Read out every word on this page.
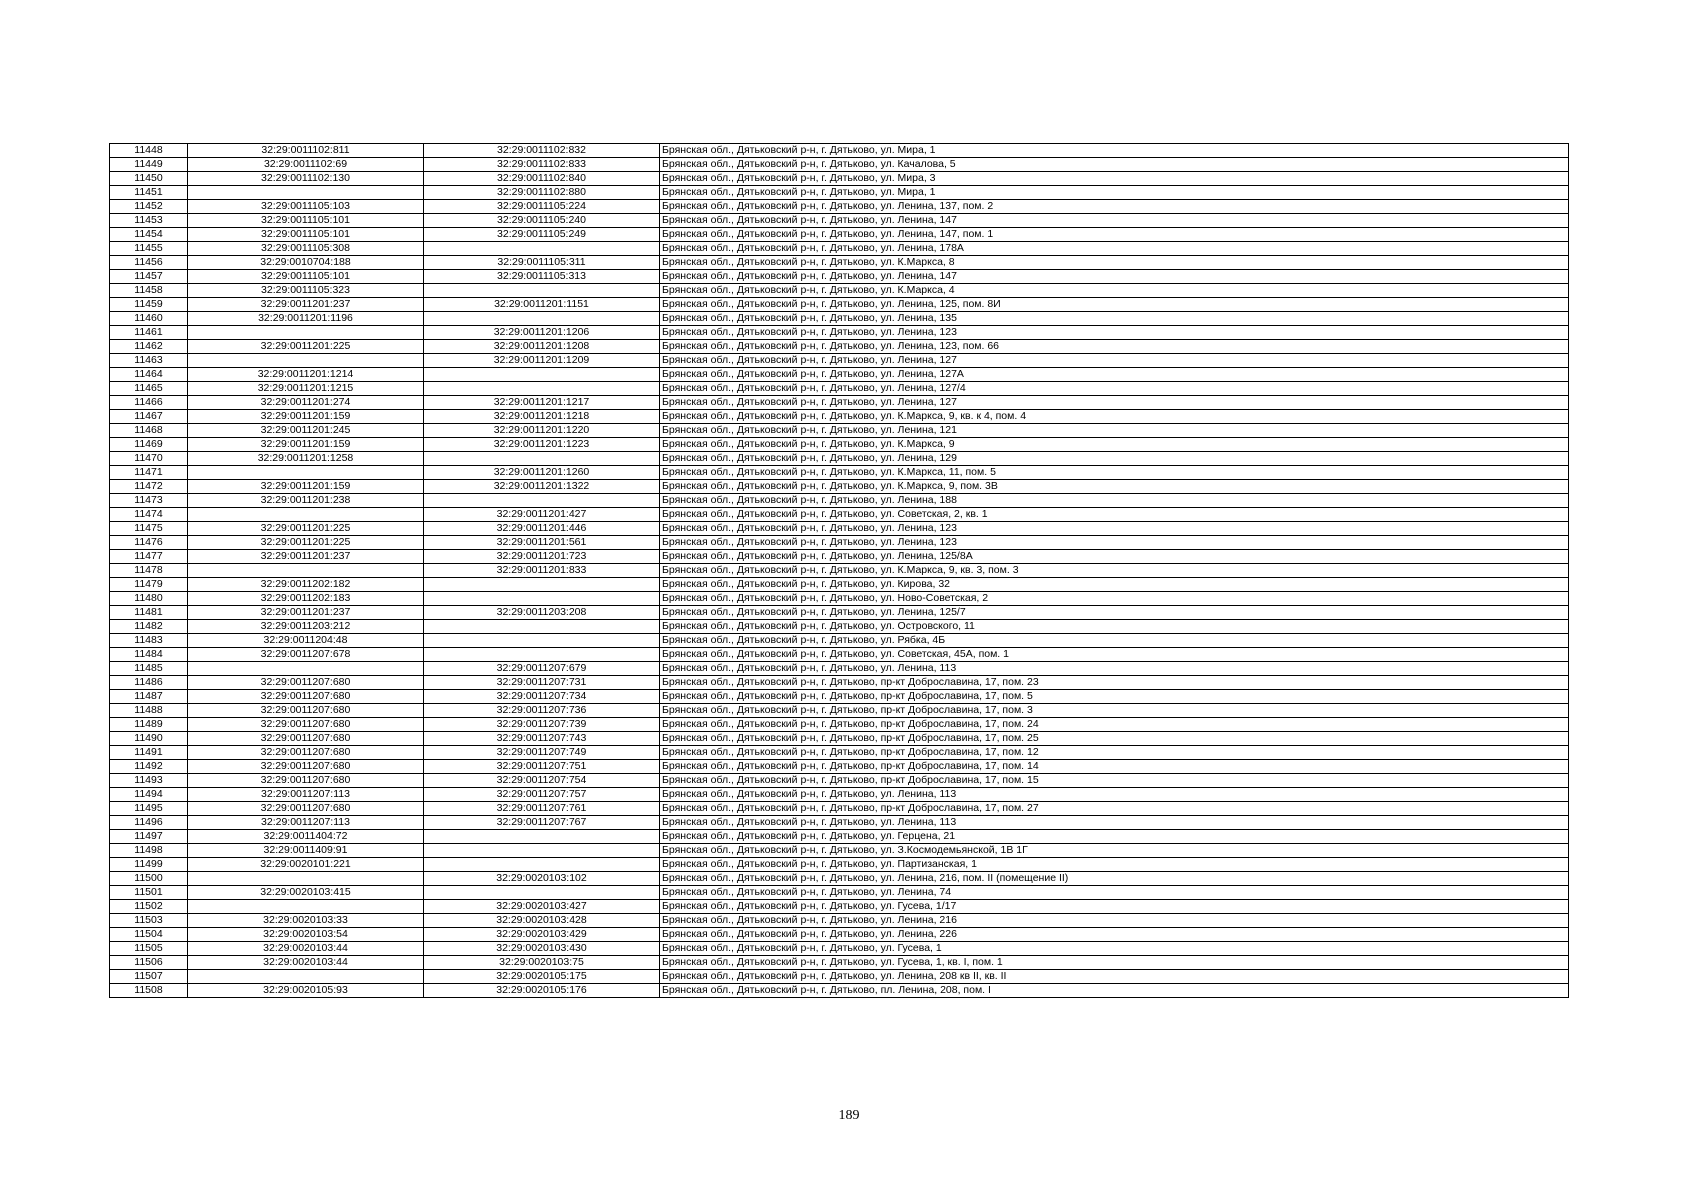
11448	32:29:0011102:811	32:29:0011102:832	Брянская обл., Дятьковский р-н, г. Дятьково, ул. Мира, 1
11449	32:29:0011102:69	32:29:0011102:833	Брянская обл., Дятьковский р-н, г. Дятьково, ул. Качалова, 5
11450	32:29:0011102:130	32:29:0011102:840	Брянская обл., Дятьковский р-н, г. Дятьково, ул. Мира, 3
11451		32:29:0011102:880	Брянская обл., Дятьковский р-н, г. Дятьково, ул. Мира, 1
11452	32:29:0011105:103	32:29:0011105:224	Брянская обл., Дятьковский р-н, г. Дятьково, ул. Ленина, 137, пом. 2
11453	32:29:0011105:101	32:29:0011105:240	Брянская обл., Дятьковский р-н, г. Дятьково, ул. Ленина, 147
11454	32:29:0011105:101	32:29:0011105:249	Брянская обл., Дятьковский р-н, г. Дятьково, ул. Ленина, 147, пом. 1
11455	32:29:0011105:308		Брянская обл., Дятьковский р-н, г. Дятьково, ул. Ленина, 178А
11456	32:29:0010704:188	32:29:0011105:311	Брянская обл., Дятьковский р-н, г. Дятьково, ул. К.Маркса, 8
11457	32:29:0011105:101	32:29:0011105:313	Брянская обл., Дятьковский р-н, г. Дятьково, ул. Ленина, 147
11458	32:29:0011105:323		Брянская обл., Дятьковский р-н, г. Дятьково, ул. К.Маркса, 4
11459	32:29:0011201:237	32:29:0011201:1151	Брянская обл., Дятьковский р-н, г. Дятьково, ул. Ленина, 125, пом. 8И
11460	32:29:0011201:1196		Брянская обл., Дятьковский р-н, г. Дятьково, ул. Ленина, 135
11461		32:29:0011201:1206	Брянская обл., Дятьковский р-н, г. Дятьково, ул. Ленина, 123
11462	32:29:0011201:225	32:29:0011201:1208	Брянская обл., Дятьковский р-н, г. Дятьково, ул. Ленина, 123, пом. 66
11463		32:29:0011201:1209	Брянская обл., Дятьковский р-н, г. Дятьково, ул. Ленина, 127
11464	32:29:0011201:1214		Брянская обл., Дятьковский р-н, г. Дятьково, ул. Ленина, 127А
11465	32:29:0011201:1215		Брянская обл., Дятьковский р-н, г. Дятьково, ул. Ленина, 127/4
11466	32:29:0011201:274	32:29:0011201:1217	Брянская обл., Дятьковский р-н, г. Дятьково, ул. Ленина, 127
11467	32:29:0011201:159	32:29:0011201:1218	Брянская обл., Дятьковский р-н, г. Дятьково, ул. К.Маркса, 9, кв. к 4, пом. 4
11468	32:29:0011201:245	32:29:0011201:1220	Брянская обл., Дятьковский р-н, г. Дятьково, ул. Ленина, 121
11469	32:29:0011201:159	32:29:0011201:1223	Брянская обл., Дятьковский р-н, г. Дятьково, ул. К.Маркса, 9
11470	32:29:0011201:1258		Брянская обл., Дятьковский р-н, г. Дятьково, ул. Ленина, 129
11471		32:29:0011201:1260	Брянская обл., Дятьковский р-н, г. Дятьково, ул. К.Маркса, 11, пом. 5
11472	32:29:0011201:159	32:29:0011201:1322	Брянская обл., Дятьковский р-н, г. Дятьково, ул. К.Маркса, 9, пом. 3В
11473	32:29:0011201:238		Брянская обл., Дятьковский р-н, г. Дятьково, ул. Ленина, 188
11474		32:29:0011201:427	Брянская обл., Дятьковский р-н, г. Дятьково, ул. Советская, 2, кв. 1
11475	32:29:0011201:225	32:29:0011201:446	Брянская обл., Дятьковский р-н, г. Дятьково, ул. Ленина, 123
11476	32:29:0011201:225	32:29:0011201:561	Брянская обл., Дятьковский р-н, г. Дятьково, ул. Ленина, 123
11477	32:29:0011201:237	32:29:0011201:723	Брянская обл., Дятьковский р-н, г. Дятьково, ул. Ленина, 125/8А
11478		32:29:0011201:833	Брянская обл., Дятьковский р-н, г. Дятьково, ул. К.Маркса, 9, кв. 3, пом. 3
11479	32:29:0011202:182		Брянская обл., Дятьковский р-н, г. Дятьково, ул. Кирова, 32
11480	32:29:0011202:183		Брянская обл., Дятьковский р-н, г. Дятьково, ул. Ново-Советская, 2
11481	32:29:0011201:237	32:29:0011203:208	Брянская обл., Дятьковский р-н, г. Дятьково, ул. Ленина, 125/7
11482	32:29:0011203:212		Брянская обл., Дятьковский р-н, г. Дятьково, ул. Островского, 11
11483	32:29:0011204:48		Брянская обл., Дятьковский р-н, г. Дятьково, ул. Рябка, 4Б
11484	32:29:0011207:678		Брянская обл., Дятьковский р-н, г. Дятьково, ул. Советская, 45А, пом. 1
11485		32:29:0011207:679	Брянская обл., Дятьковский р-н, г. Дятьково, ул. Ленина, 113
11486	32:29:0011207:680	32:29:0011207:731	Брянская обл., Дятьковский р-н, г. Дятьково, пр-кт Доброславина, 17, пом. 23
11487	32:29:0011207:680	32:29:0011207:734	Брянская обл., Дятьковский р-н, г. Дятьково, пр-кт Доброславина, 17, пом. 5
11488	32:29:0011207:680	32:29:0011207:736	Брянская обл., Дятьковский р-н, г. Дятьково, пр-кт Доброславина, 17, пом. 3
11489	32:29:0011207:680	32:29:0011207:739	Брянская обл., Дятьковский р-н, г. Дятьково, пр-кт Доброславина, 17, пом. 24
11490	32:29:0011207:680	32:29:0011207:743	Брянская обл., Дятьковский р-н, г. Дятьково, пр-кт Доброславина, 17, пом. 25
11491	32:29:0011207:680	32:29:0011207:749	Брянская обл., Дятьковский р-н, г. Дятьково, пр-кт Доброславина, 17, пом. 12
11492	32:29:0011207:680	32:29:0011207:751	Брянская обл., Дятьковский р-н, г. Дятьково, пр-кт Доброславина, 17, пом. 14
11493	32:29:0011207:680	32:29:0011207:754	Брянская обл., Дятьковский р-н, г. Дятьково, пр-кт Доброславина, 17, пом. 15
11494	32:29:0011207:113	32:29:0011207:757	Брянская обл., Дятьковский р-н, г. Дятьково, ул. Ленина, 113
11495	32:29:0011207:680	32:29:0011207:761	Брянская обл., Дятьковский р-н, г. Дятьково, пр-кт Доброславина, 17, пом. 27
11496	32:29:0011207:113	32:29:0011207:767	Брянская обл., Дятьковский р-н, г. Дятьково, ул. Ленина, 113
11497	32:29:0011404:72		Брянская обл., Дятьковский р-н, г. Дятьково, ул. Герцена, 21
11498	32:29:0011409:91		Брянская обл., Дятьковский р-н, г. Дятьково, ул. З.Космодемьянской, 1В 1Г
11499	32:29:0020101:221		Брянская обл., Дятьковский р-н, г. Дятьково, ул. Партизанская, 1
11500		32:29:0020103:102	Брянская обл., Дятьковский р-н, г. Дятьково, ул. Ленина, 216, пом. II (помещение II)
11501	32:29:0020103:415		Брянская обл., Дятьковский р-н, г. Дятьково, ул. Ленина, 74
11502		32:29:0020103:427	Брянская обл., Дятьковский р-н, г. Дятьково, ул. Гусева, 1/17
11503	32:29:0020103:33	32:29:0020103:428	Брянская обл., Дятьковский р-н, г. Дятьково, ул. Ленина, 216
11504	32:29:0020103:54	32:29:0020103:429	Брянская обл., Дятьковский р-н, г. Дятьково, ул. Ленина, 226
11505	32:29:0020103:44	32:29:0020103:430	Брянская обл., Дятьковский р-н, г. Дятьково, ул. Гусева, 1
11506	32:29:0020103:44	32:29:0020103:75	Брянская обл., Дятьковский р-н, г. Дятьково, ул. Гусева, 1, кв. I, пом. 1
11507		32:29:0020105:175	Брянская обл., Дятьковский р-н, г. Дятьково, ул. Ленина, 208 кв II, кв. II
11508	32:29:0020105:93	32:29:0020105:176	Брянская обл., Дятьковский р-н, г. Дятьково, пл. Ленина, 208, пом. I
189
